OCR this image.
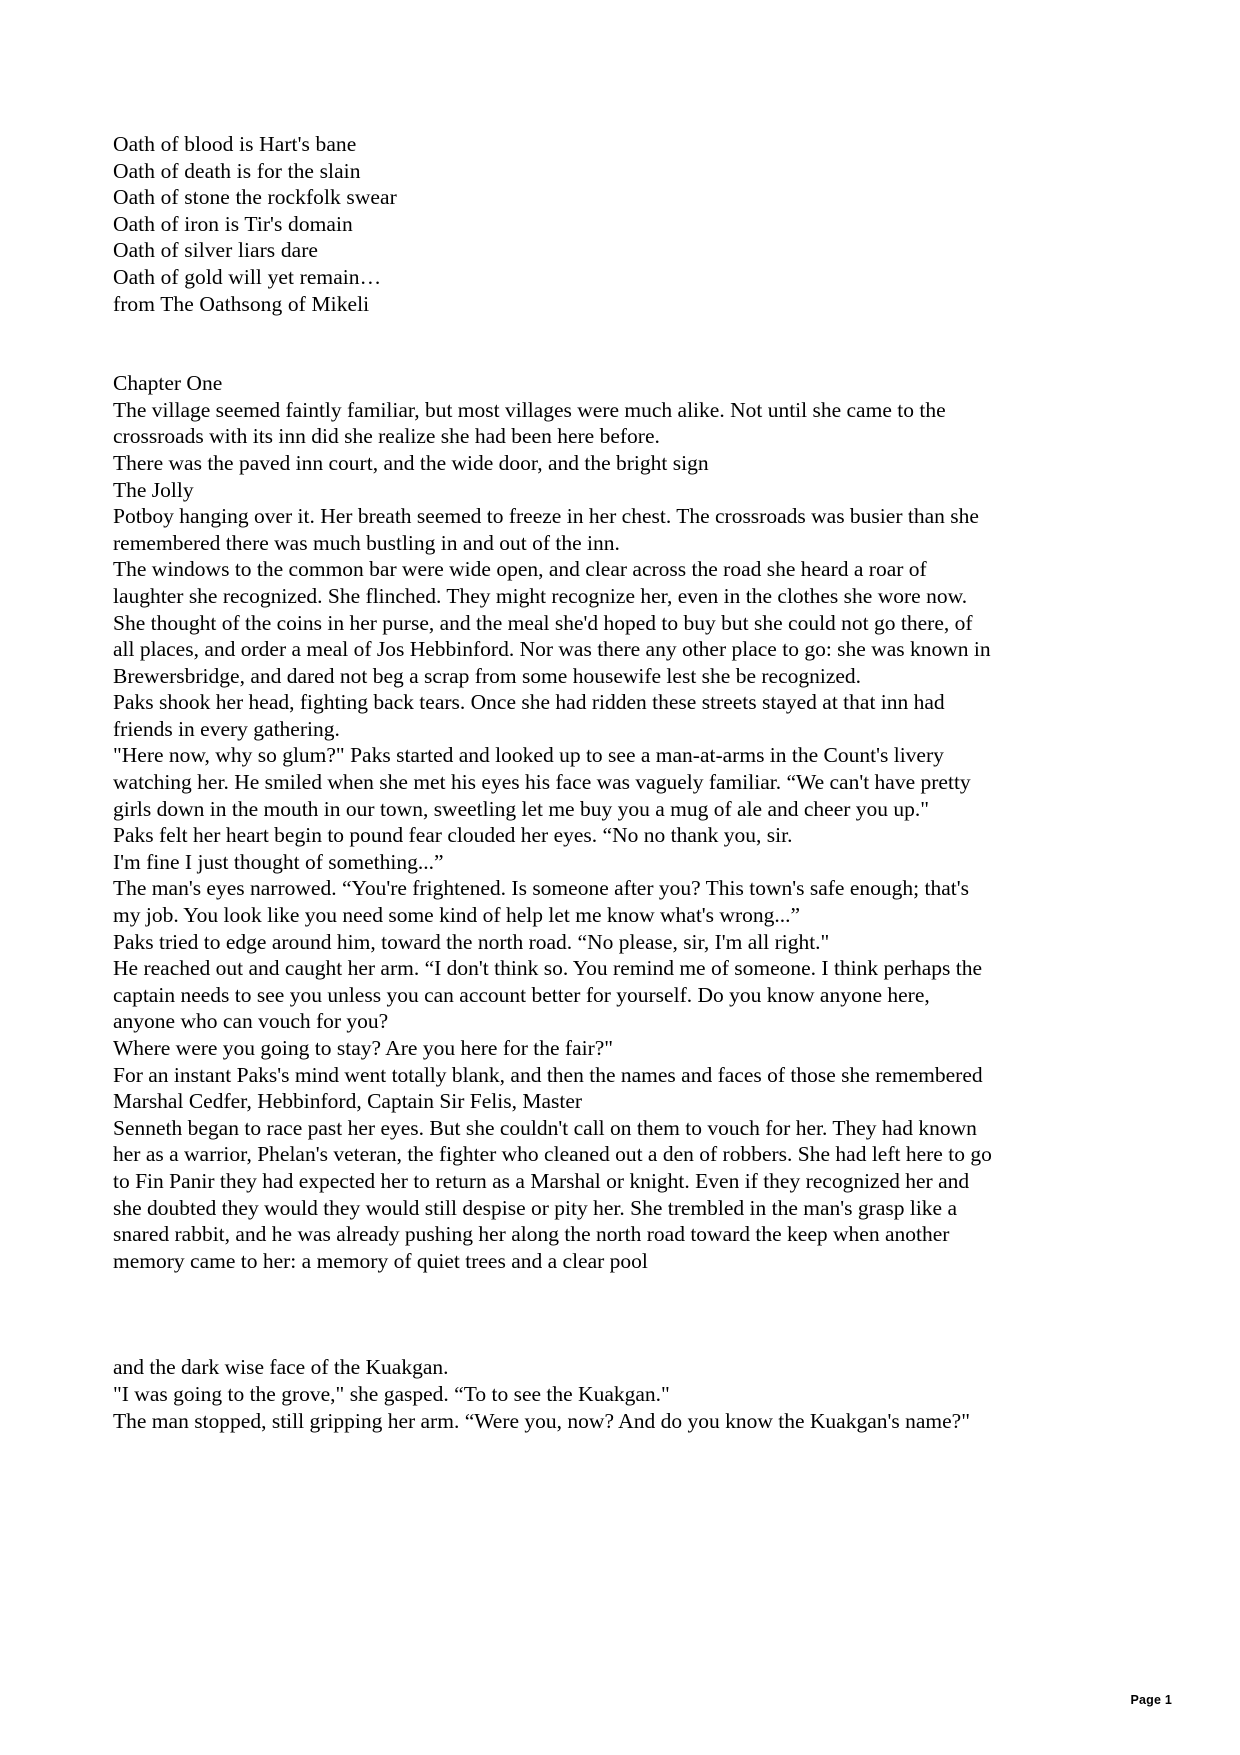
Oath of blood is Hart's bane
Oath of death is for the slain
Oath of stone the rockfolk swear
Oath of iron is Tir's domain
Oath of silver liars dare
Oath of gold will yet remain…
from The Oathsong of Mikeli
Chapter One

The village seemed faintly familiar, but most villages were much alike. Not until she came to the crossroads with its inn did she realize she had been here before.

There was the paved inn court, and the wide door, and the bright sign

The Jolly

Potboy hanging over it. Her breath seemed to freeze in her chest. The crossroads was busier than she remembered there was much bustling in and out of the inn.

The windows to the common bar were wide open, and clear across the road she heard a roar of laughter she recognized. She flinched. They might recognize her, even in the clothes she wore now. She thought of the coins in her purse, and the meal she'd hoped to buy but she could not go there, of all places, and order a meal of Jos Hebbinford. Nor was there any other place to go: she was known in

Brewersbridge, and dared not beg a scrap from some housewife lest she be recognized.

Paks shook her head, fighting back tears. Once she had ridden these streets stayed at that inn had friends in every gathering.

"Here now, why so glum?" Paks started and looked up to see a man-at-arms in the Count's livery watching her. He smiled when she met his eyes his face was vaguely familiar. “We can't have pretty girls down in the mouth in our town, sweetling let me buy you a mug of ale and cheer you up."

Paks felt her heart begin to pound fear clouded her eyes. “No no thank you, sir.

I'm fine I just thought of something...”

The man's eyes narrowed. “You're frightened. Is someone after you? This town's safe enough; that's my job. You look like you need some kind of help let me know what's wrong...”

Paks tried to edge around him, toward the north road. “No please, sir, I'm all right."

He reached out and caught her arm. “I don't think so. You remind me of someone. I think perhaps the captain needs to see you unless you can account better for yourself. Do you know anyone here, anyone who can vouch for you?

Where were you going to stay? Are you here for the fair?"

For an instant Paks's mind went totally blank, and then the names and faces of those she remembered Marshal Cedfer, Hebbinford, Captain Sir Felis, Master

Senneth began to race past her eyes. But she couldn't call on them to vouch for her. They had known her as a warrior, Phelan's veteran, the fighter who cleaned out a den of robbers. She had left here to go to Fin Panir they had expected her to return as a Marshal or knight. Even if they recognized her and she doubted they would they would still despise or pity her. She trembled in the man's grasp like a snared rabbit, and he was already pushing her along the north road toward the keep when another memory came to her: a memory of quiet trees and a clear pool

and the dark wise face of the Kuakgan.

"I was going to the grove," she gasped. “To to see the Kuakgan."

The man stopped, still gripping her arm. “Were you, now? And do you know the Kuakgan's name?"

Page 1
